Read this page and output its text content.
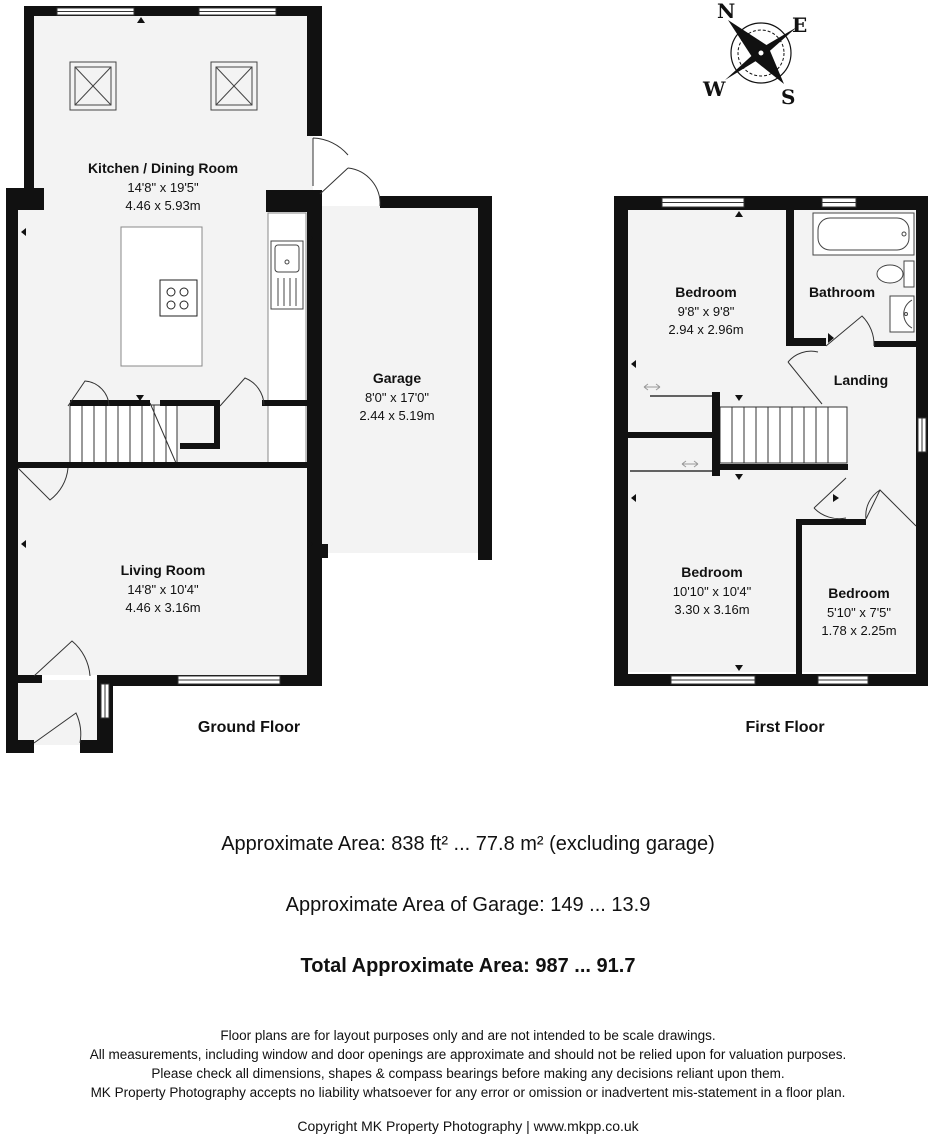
N
E
S
W
Kitchen / Dining Room
14'8" x 19'5"
4.46 x 5.93m
Garage
8'0" x 17'0"
2.44 x 5.19m
Living Room
14'8" x 10'4"
4.46 x 3.16m
Ground Floor
Bedroom
9'8" x 9'8"
2.94 x 2.96m
Bathroom
Landing
Bedroom
10'10" x 10'4"
3.30 x 3.16m
Bedroom
5'10" x 7'5"
1.78 x 2.25m
First Floor
Approximate Area: 838 ft² ... 77.8 m² (excluding garage)
Approximate Area of Garage: 149 ... 13.9
Total Approximate Area: 987 ... 91.7
Floor plans are for layout purposes only and are not intended to be scale drawings.
All measurements, including window and door openings are approximate and should not be relied upon for valuation purposes.
Please check all dimensions, shapes & compass bearings before making any decisions reliant upon them.
MK Property Photography accepts no liability whatsoever for any error or omission or inadvertent mis-statement in a floor plan.
Copyright MK Property Photography | www.mkpp.co.uk
